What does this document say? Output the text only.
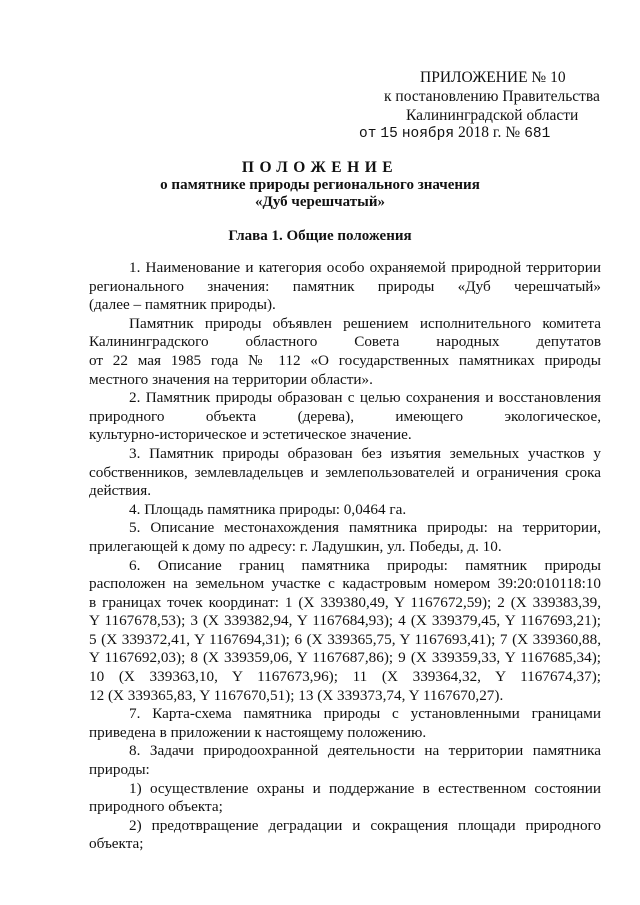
ПРИЛОЖЕНИЕ № 10
к постановлению Правительства
Калининградской области
от 15 ноября 2018 г. № 681
ПОЛОЖЕНИЕ
о памятнике природы регионального значения
«Дуб черешчатый»
Глава 1. Общие положения
1. Наименование и категория особо охраняемой природной территории
регионального значения: памятник природы «Дуб черешчатый»
(далее – памятник природы).
Памятник природы объявлен решением исполнительного комитета
Калининградского областного Совета народных депутатов
от 22 мая 1985 года № 112 «О государственных памятниках природы
местного значения на территории области».
2. Памятник природы образован с целью сохранения и восстановления
природного объекта (дерева), имеющего экологическое,
культурно-историческое и эстетическое значение.
3. Памятник природы образован без изъятия земельных участков у
собственников, землевладельцев и землепользователей и ограничения срока
действия.
4. Площадь памятника природы: 0,0464 га.
5. Описание местонахождения памятника природы: на территории,
прилегающей к дому по адресу: г. Ладушкин, ул. Победы, д. 10.
6. Описание границ памятника природы: памятник природы
расположен на земельном участке с кадастровым номером 39:20:010118:10
в границах точек координат: 1 (X 339380,49, Y 1167672,59); 2 (X 339383,39,
Y 1167678,53); 3 (X 339382,94, Y 1167684,93); 4 (X 339379,45, Y 1167693,21);
5 (X 339372,41, Y 1167694,31); 6 (X 339365,75, Y 1167693,41); 7 (X 339360,88,
Y 1167692,03); 8 (X 339359,06, Y 1167687,86); 9 (X 339359,33, Y 1167685,34);
10 (X 339363,10, Y 1167673,96); 11 (X 339364,32, Y 1167674,37);
12 (X 339365,83, Y 1167670,51); 13 (X 339373,74, Y 1167670,27).
7. Карта-схема памятника природы с установленными границами
приведена в приложении к настоящему положению.
8. Задачи природоохранной деятельности на территории памятника
природы:
1) осуществление охраны и поддержание в естественном состоянии
природного объекта;
2) предотвращение деградации и сокращения площади природного
объекта;
